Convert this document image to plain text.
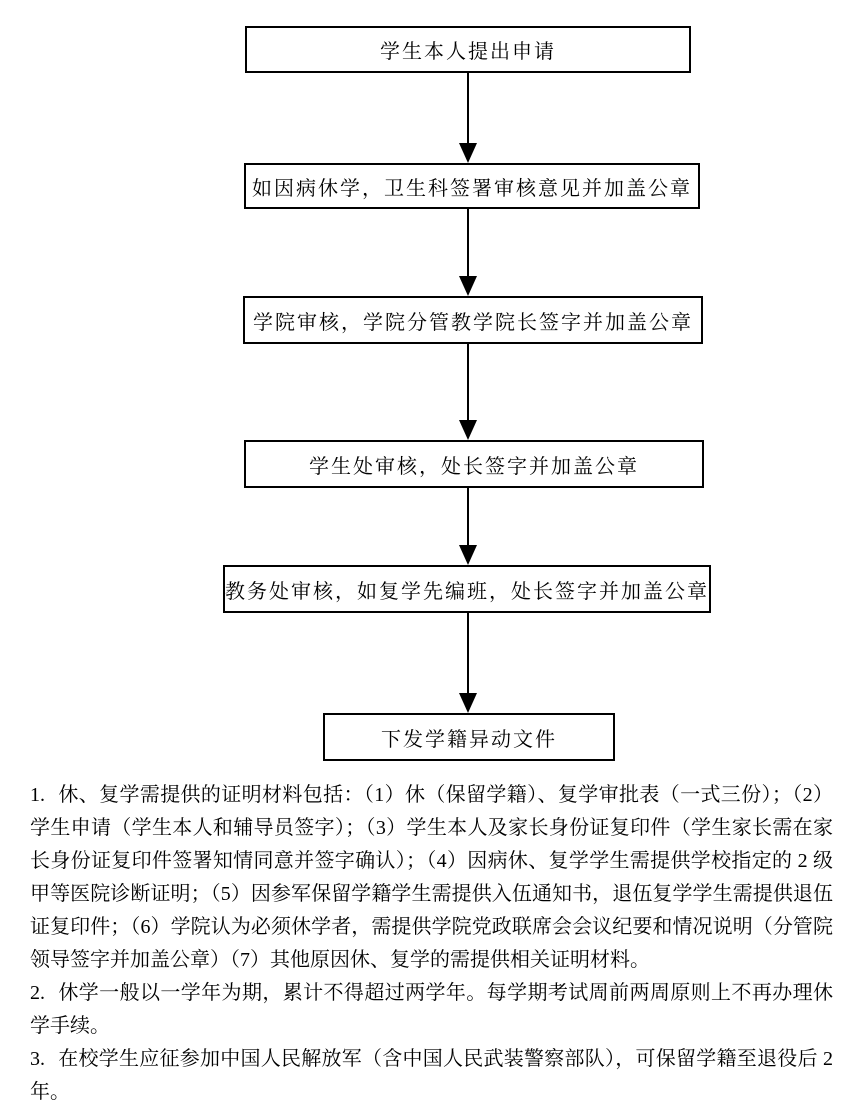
学生本人提出申请
如因病休学，卫生科签署审核意见并加盖公章
学院审核，学院分管教学院长签字并加盖公章
学生处审核，处长签字并加盖公章
教务处审核，如复学先编班，处长签字并加盖公章
下发学籍异动文件

1. 休、复学需提供的证明材料包括：（1）休（保留学籍）、复学审批表（一式三份）；（2）学生申请（学生本人和辅导员签字）；（3）学生本人及家长身份证复印件（学生家长需在家长身份证复印件签署知情同意并签字确认）；（4）因病休、复学学生需提供学校指定的 2 级甲等医院诊断证明；（5）因参军保留学籍学生需提供入伍通知书，退伍复学学生需提供退伍证复印件；（6）学院认为必须休学者，需提供学院党政联席会会议纪要和情况说明（分管院领导签字并加盖公章）（7）其他原因休、复学的需提供相关证明材料。

2. 休学一般以一学年为期，累计不得超过两学年。每学期考试周前两周原则上不再办理休学手续。

3. 在校学生应征参加中国人民解放军（含中国人民武装警察部队），可保留学籍至退役后 2 年。
